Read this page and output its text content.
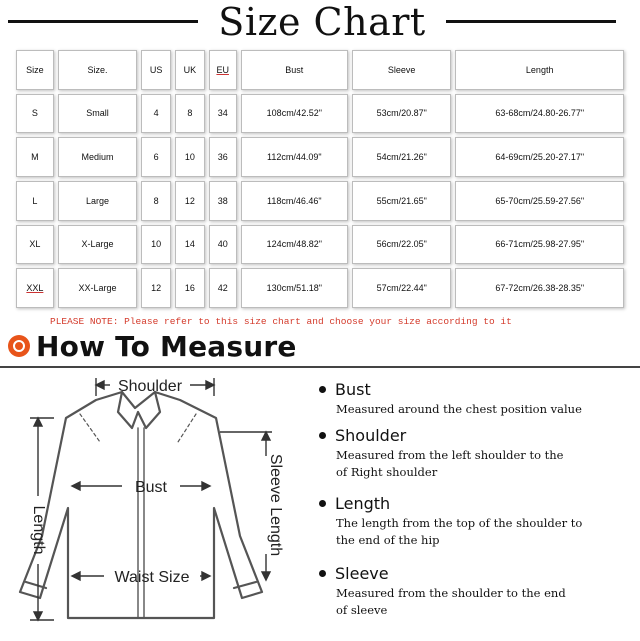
Size Chart
Size	Size.	US	UK	EU	Bust	Sleeve	Length
S	Small	4	8	34	108cm/42.52"	53cm/20.87"	63-68cm/24.80-26.77"
M	Medium	6	10	36	112cm/44.09"	54cm/21.26"	64-69cm/25.20-27.17"
L	Large	8	12	38	118cm/46.46"	55cm/21.65"	65-70cm/25.59-27.56"
XL	X-Large	10	14	40	124cm/48.82"	56cm/22.05"	66-71cm/25.98-27.95"
XXL	XX-Large	12	16	42	130cm/51.18"	57cm/22.44"	67-72cm/26.38-28.35"
PLEASE NOTE: Please refer to this size chart and choose your size according to it
How To Measure
Shoulder
Bust
Waist Size
Length	Sleeve Length
Bust
Measured around the chest position value
Shoulder
Measured from the left shoulder to the
of Right shoulder
Length
The length from the top of the shoulder to
the end of the hip
Sleeve
Measured from the shoulder to the end
of sleeve
